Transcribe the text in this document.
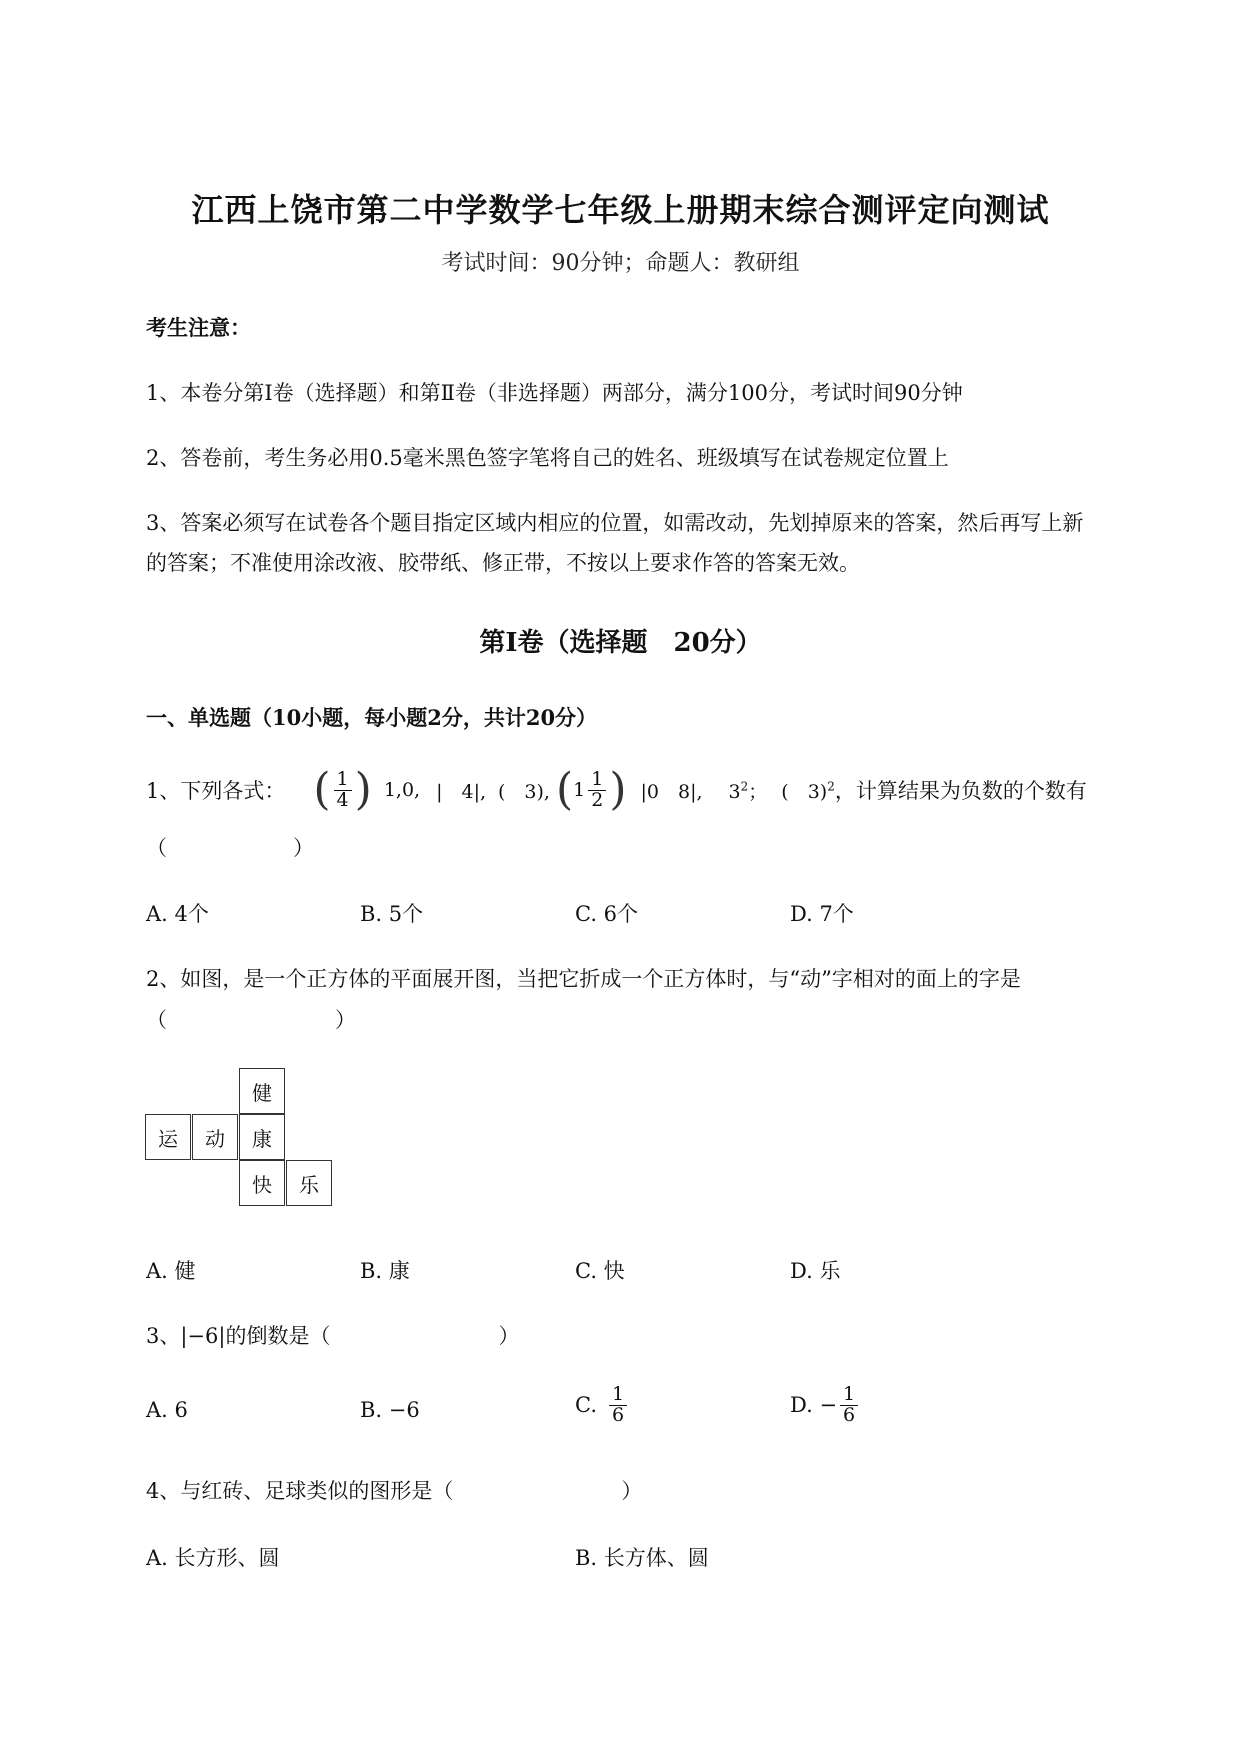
江西上饶市第二中学数学七年级上册期末综合测评定向测试
考试时间：90分钟；命题人：教研组
考生注意：
1、本卷分第I卷（选择题）和第Ⅱ卷（非选择题）两部分，满分100分，考试时间90分钟
2、答卷前，考生务必用0.5毫米黑色签字笔将自己的姓名、班级填写在试卷规定位置上
3、答案必须写在试卷各个题目指定区域内相应的位置，如需改动，先划掉原来的答案，然后再写上新
的答案；不准使用涂改液、胶带纸、修正带，不按以上要求作答的答案无效。
第I卷（选择题　20分）
一、单选题（10小题，每小题2分，共计20分）
1、下列各式： ( $\frac{1}{4}$ ) 1,0, |　4|, (　3), ( $1 \frac{1}{2}$ ) |0　8|, $3^2$； (　3)$^2$ ，计算结果为负数的个数有
（　　　　　　）
A. 4个	B. 5个	C. 6个	D. 7个
2、如图，是一个正方体的平面展开图，当把它折成一个正方体时，与“动”字相对的面上的字是
（　　　　　　　　）
健
运	动	康
快	乐
A. 健	B. 康	C. 快	D. 乐
3、|−6|的倒数是（　　　　　　　　）
A. 6	B. −6	C. $\frac{1}{6}$	D. − $\frac{1}{6}$
4、与红砖、足球类似的图形是（　　　　　　　　）
A. 长方形、圆	B. 长方体、圆
